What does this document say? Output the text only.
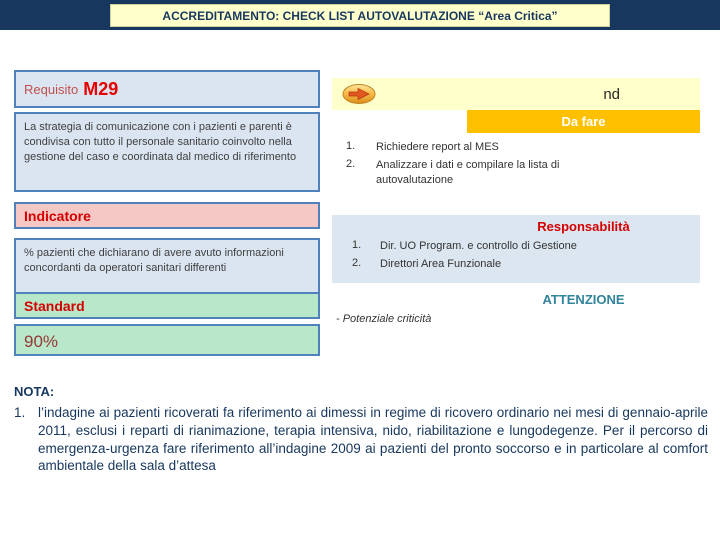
ACCREDITAMENTO: CHECK LIST AUTOVALUTAZIONE “Area Critica”
Requisito M29
La strategia di comunicazione con i pazienti e parenti è condivisa con tutto il personale sanitario coinvolto nella gestione del caso e coordinata dal medico di riferimento
Indicatore
% pazienti che dichiarano di avere avuto informazioni concordanti da operatori sanitari differenti
Standard
90%
nd
Da fare
1.	Richiedere report al MES
2.	Analizzare i dati e compilare la lista di autovalutazione
Responsabilità
1.	Dir. UO Program. e controllo di Gestione
2.	Direttori Area Funzionale
ATTENZIONE
- Potenziale criticità
NOTA:
1. l’indagine ai pazienti ricoverati fa riferimento ai dimessi in regime di ricovero ordinario nei mesi di gennaio-aprile 2011, esclusi i reparti di rianimazione, terapia intensiva, nido, riabilitazione e lungodegenze. Per il percorso di emergenza-urgenza fare riferimento all’indagine 2009 ai pazienti del pronto soccorso e in particolare al comfort ambientale della sala d’attesa
